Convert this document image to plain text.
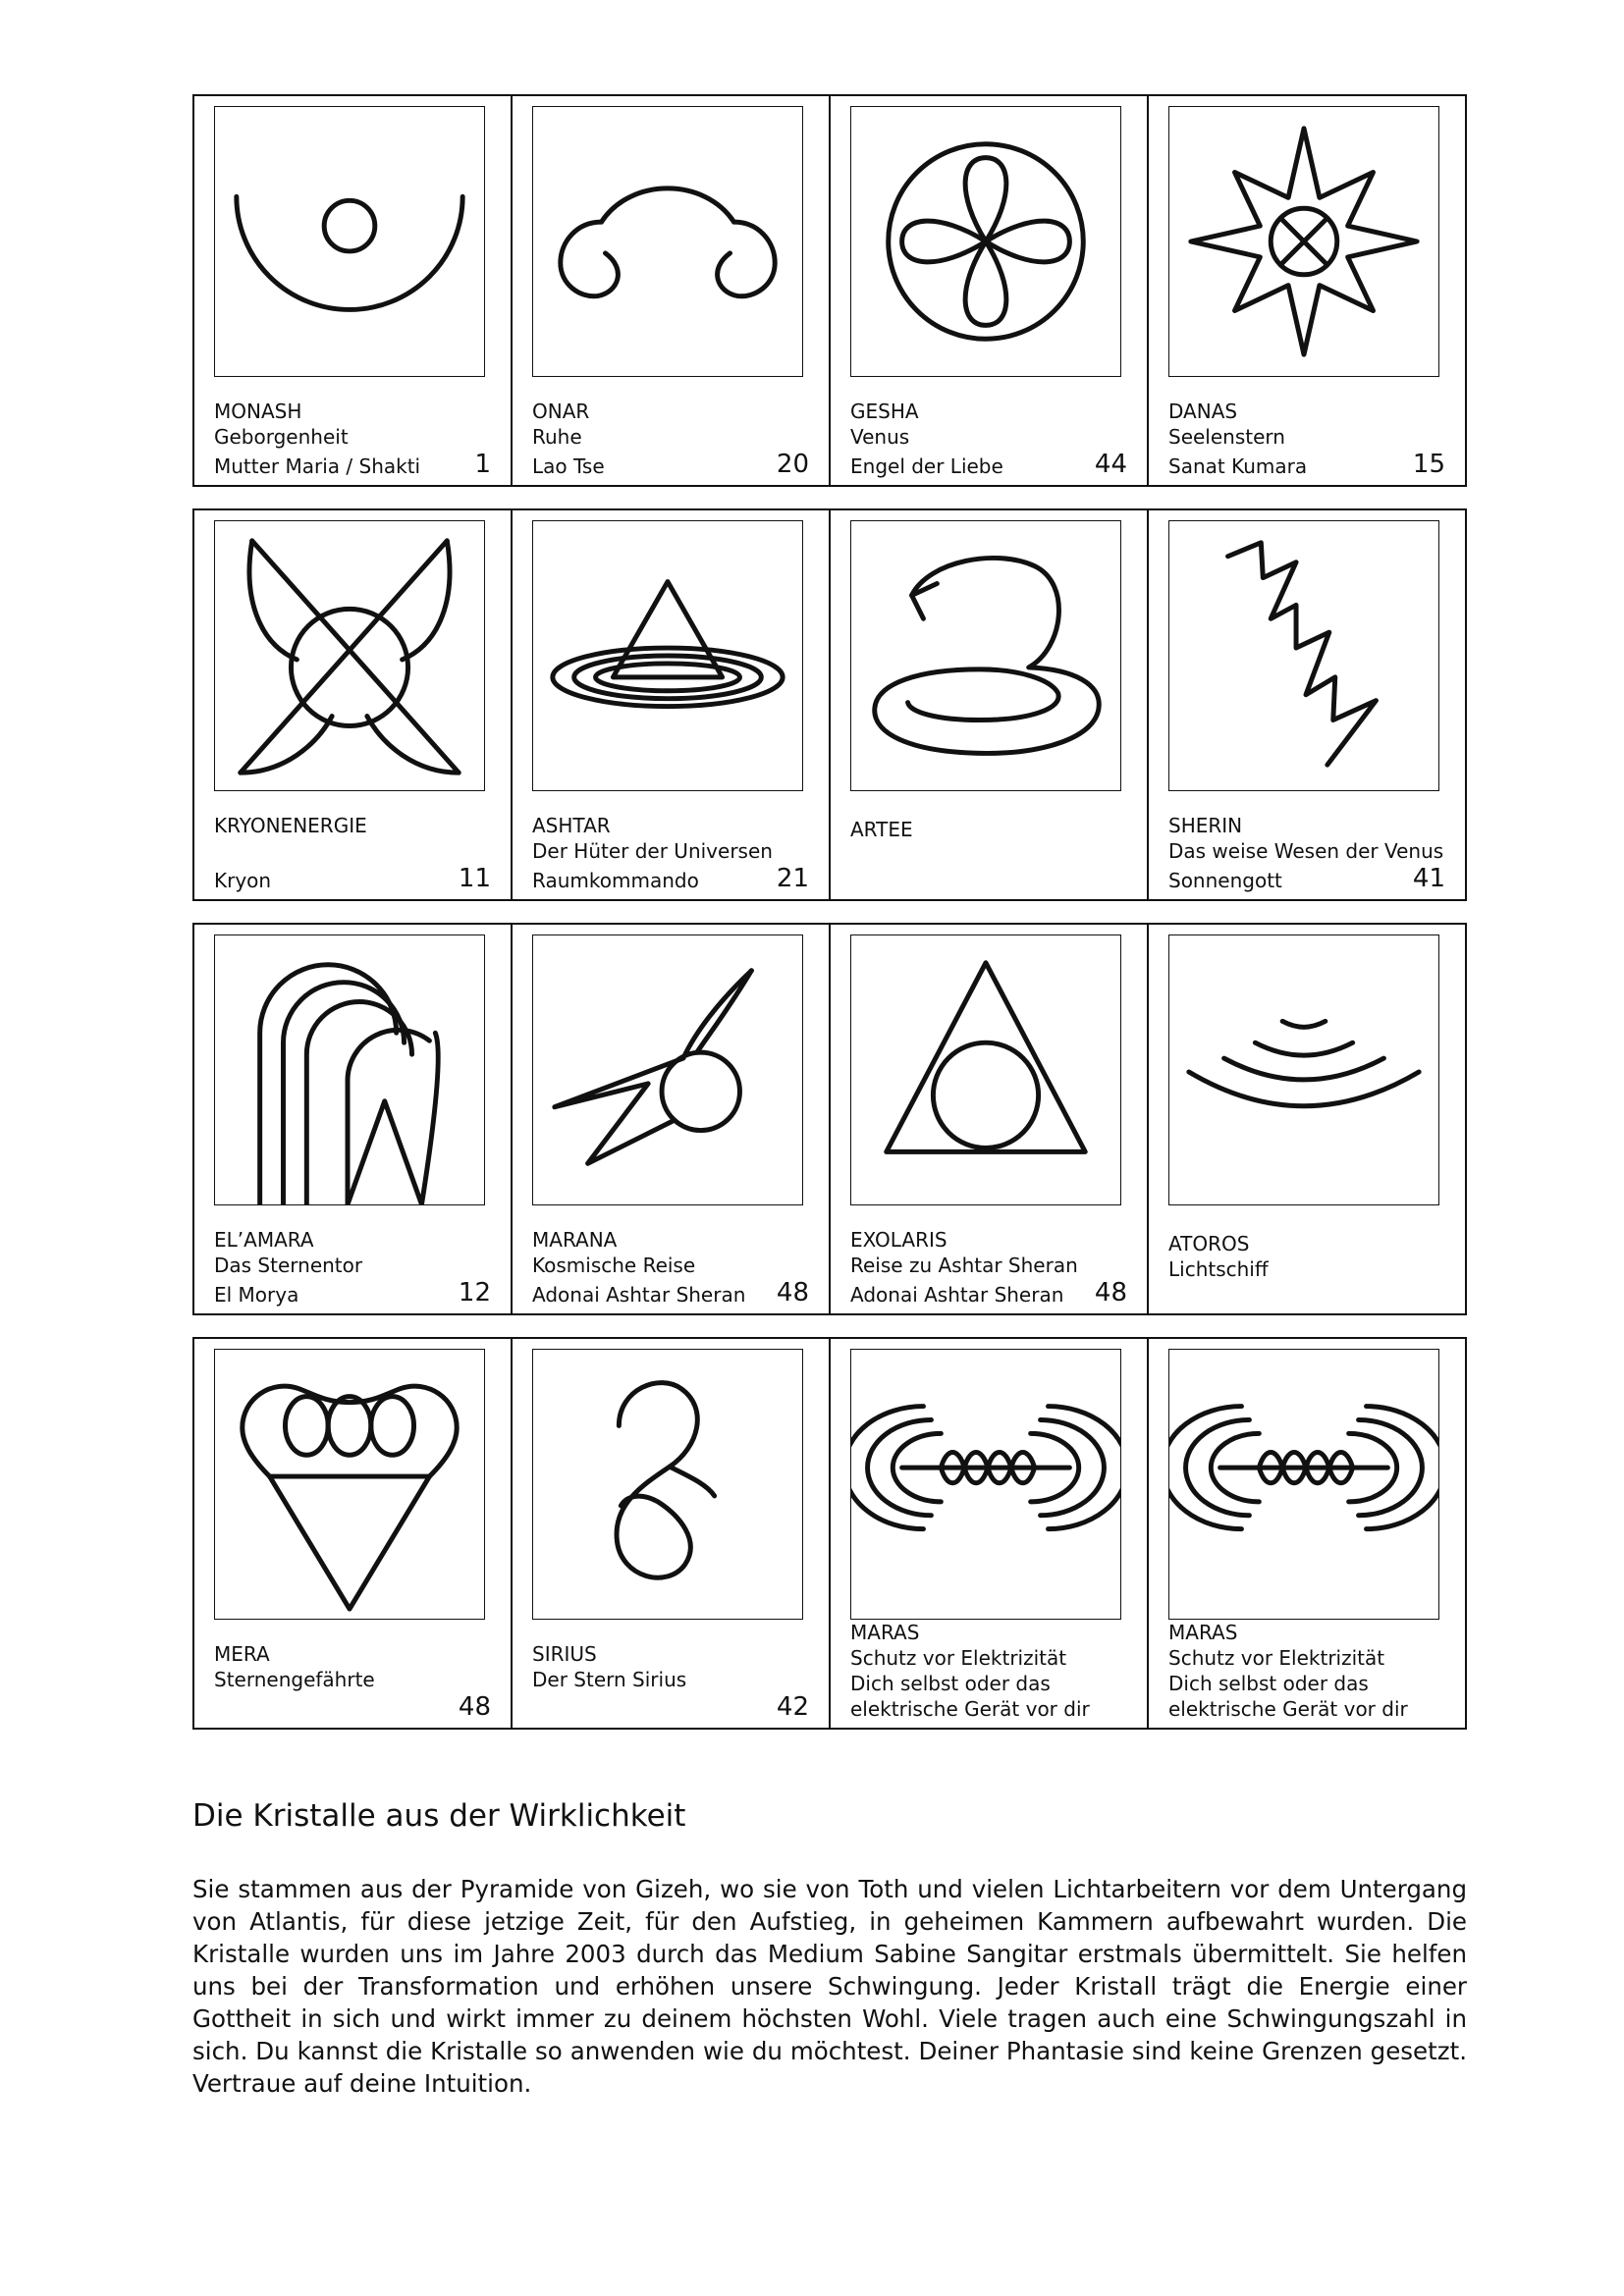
MONASH
Geborgenheit
Mutter Maria / Shakti 1
ONAR
Ruhe
Lao Tse	20
GESHA
Venus
Engel der Liebe	44
DANAS
Seelenstern
Sanat Kumara	15
KRYONENERGIE
Kryon	11
ASHTAR
Der Hüter der Universen
Raumkommando	21
ARTEE	SHERIN
Das weise Wesen der Venus
Sonnengott	41
EL’AMARA
Das Sternentor
El Morya	12
MARANA
Kosmische Reise
Adonai Ashtar Sheran 48
EXOLARIS
Reise zu Ashtar Sheran
Adonai Ashtar Sheran 48
ATOROS
Lichtschiff
MERA
Sternengefährte
48
SIRIUS
Der Stern Sirius
42
MARAS
Schutz vor Elektrizität
Dich selbst oder das
elektrische Gerät vor dir
MARAS
Schutz vor Elektrizität
Dich selbst oder das
elektrische Gerät vor dir
Die Kristalle aus der Wirklichkeit

Sie stammen aus der Pyramide von Gizeh, wo sie von Toth und vielen Lichtarbeitern vor dem Untergang von Atlantis, für diese jetzige Zeit, für den Aufstieg, in geheimen Kammern aufbewahrt wurden. Die Kristalle wurden uns im Jahre 2003 durch das Medium Sabine Sangitar erstmals übermittelt. Sie helfen uns bei der Transformation und erhöhen unsere Schwingung. Jeder Kristall trägt die Energie einer Gottheit in sich und wirkt immer zu deinem höchsten Wohl. Viele tragen auch eine Schwingungszahl in sich. Du kannst die Kristalle so anwenden wie du möchtest. Deiner Phantasie sind keine Grenzen gesetzt. Vertraue auf deine Intuition.
